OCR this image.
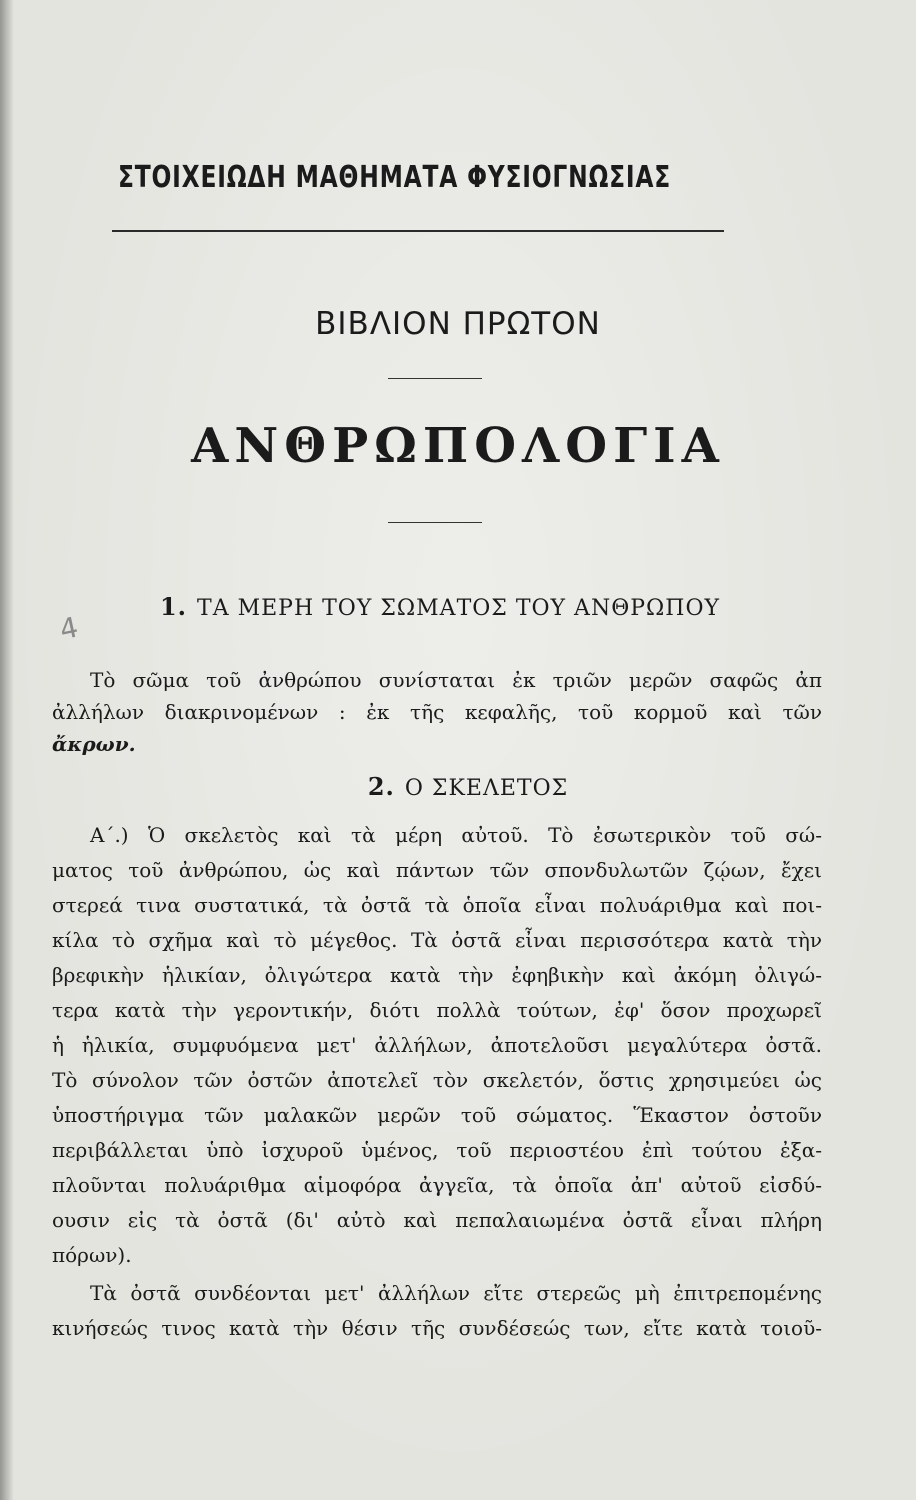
ΣΤΟΙΧΕΙΩΔΗ ΜΑΘΗΜΑΤΑ ΦΥΣΙΟΓΝΩΣΙΑΣ
ΒΙΒΛΙΟΝ ΠΡΩΤΟΝ
ΑΝΘΡΩΠΟΛΟΓΙΑ
4
1. ΤΑ ΜΕΡΗ ΤΟΥ ΣΩΜΑΤΟΣ ΤΟΥ ΑΝΘΡΩΠΟΥ
Τὸ σῶμα τοῦ ἀνθρώπου συνίσταται ἐκ τριῶν μερῶν σαφῶς ἀπ
ἀλλήλων διακρινομένων : ἐκ τῆς κεφαλῆς, τοῦ κορμοῦ καὶ τῶν
ἄκρων.
2. Ο ΣΚΕΛΕΤΟΣ
Α΄.) Ὁ σκελετὸς καὶ τὰ μέρη αὐτοῦ. Τὸ ἐσωτερικὸν τοῦ σώ-
ματος τοῦ ἀνθρώπου, ὡς καὶ πάντων τῶν σπονδυλωτῶν ζῴων, ἔχει
στερεά τινα συστατικά, τὰ ὀστᾶ τὰ ὁποῖα εἶναι πολυάριθμα καὶ ποι-
κίλα τὸ σχῆμα καὶ τὸ μέγεθος. Τὰ ὀστᾶ εἶναι περισσότερα κατὰ τὴν
βρεφικὴν ἡλικίαν, ὀλιγώτερα κατὰ τὴν ἐφηβικὴν καὶ ἀκόμη ὀλιγώ-
τερα κατὰ τὴν γεροντικήν, διότι πολλὰ τούτων, ἐφ' ὅσον προχωρεῖ
ἡ ἡλικία, συμφυόμενα μετ' ἀλλήλων, ἀποτελοῦσι μεγαλύτερα ὀστᾶ.
Τὸ σύνολον τῶν ὀστῶν ἀποτελεῖ τὸν σκελετόν, ὅστις χρησιμεύει ὡς
ὑποστήριγμα τῶν μαλακῶν μερῶν τοῦ σώματος. Ἕκαστον ὀστοῦν
περιβάλλεται ὑπὸ ἰσχυροῦ ὑμένος, τοῦ περιοστέου ἐπὶ τούτου ἐξα-
πλοῦνται πολυάριθμα αἱμοφόρα ἀγγεῖα, τὰ ὁποῖα ἀπ' αὐτοῦ εἰσδύ-
ουσιν εἰς τὰ ὀστᾶ (δι' αὐτὸ καὶ πεπαλαιωμένα ὀστᾶ εἶναι πλήρη
πόρων).
Τὰ ὀστᾶ συνδέονται μετ' ἀλλήλων εἴτε στερεῶς μὴ ἐπιτρεπομένης
κινήσεώς τινος κατὰ τὴν θέσιν τῆς συνδέσεώς των, εἴτε κατὰ τοιοῦ-
